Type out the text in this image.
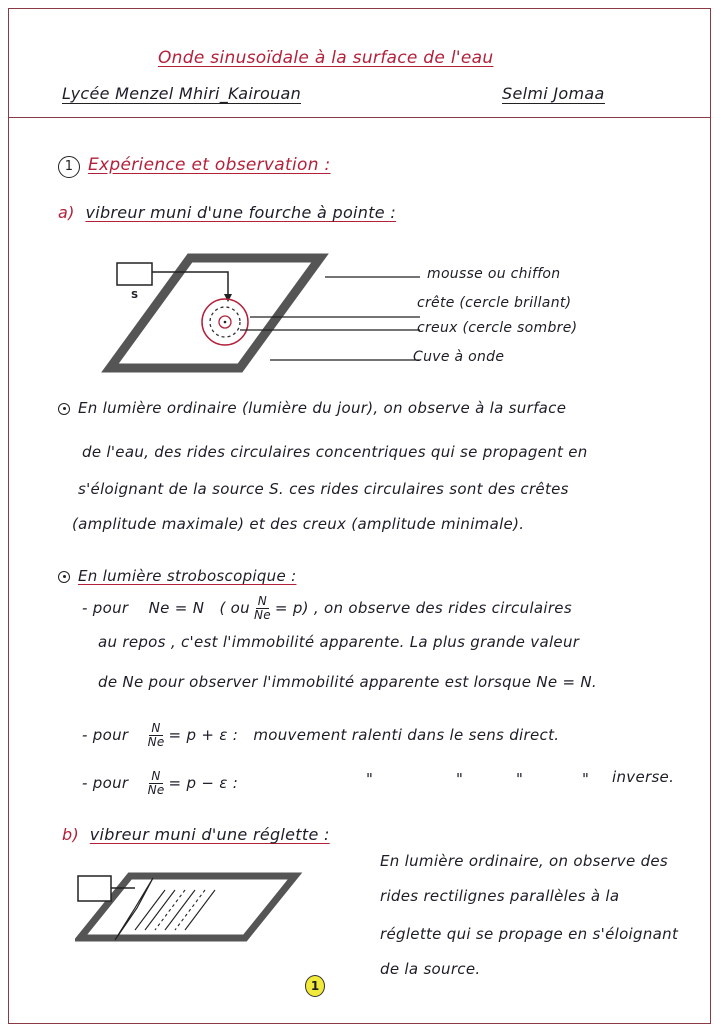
Onde sinusoïdale à la surface de l'eau
Lycée Menzel Mhiri_Kairouan	Selmi Jomaa
1 Expérience et observation :
a) vibreur muni d'une fourche à pointe :
S
mousse ou chiffon
crête (cercle brillant)
creux (cercle sombre)
Cuve à onde
En lumière ordinaire (lumière du jour), on observe à la surface
de l'eau, des rides circulaires concentriques qui se propagent en
s'éloignant de la source S. ces rides circulaires sont des crêtes
(amplitude maximale) et des creux (amplitude minimale).
En lumière stroboscopique :
- pour Ne = N ( ou $\frac{N}{Ne} = p$) , on observe des rides circulaires
au repos , c'est l'immobilité apparente. La plus grande valeur
de Ne pour observer l'immobilité apparente est lorsque Ne = N.
- pour $\frac{N}{Ne} = p + \varepsilon$ : mouvement ralenti dans le sens direct.
- pour $\frac{N}{Ne} = p - \varepsilon$ :	"	"	"	" inverse.
b) vibreur muni d'une réglette :
En lumière ordinaire, on observe des
rides rectilignes parallèles à la
réglette qui se propage en s'éloignant
de la source.
1
